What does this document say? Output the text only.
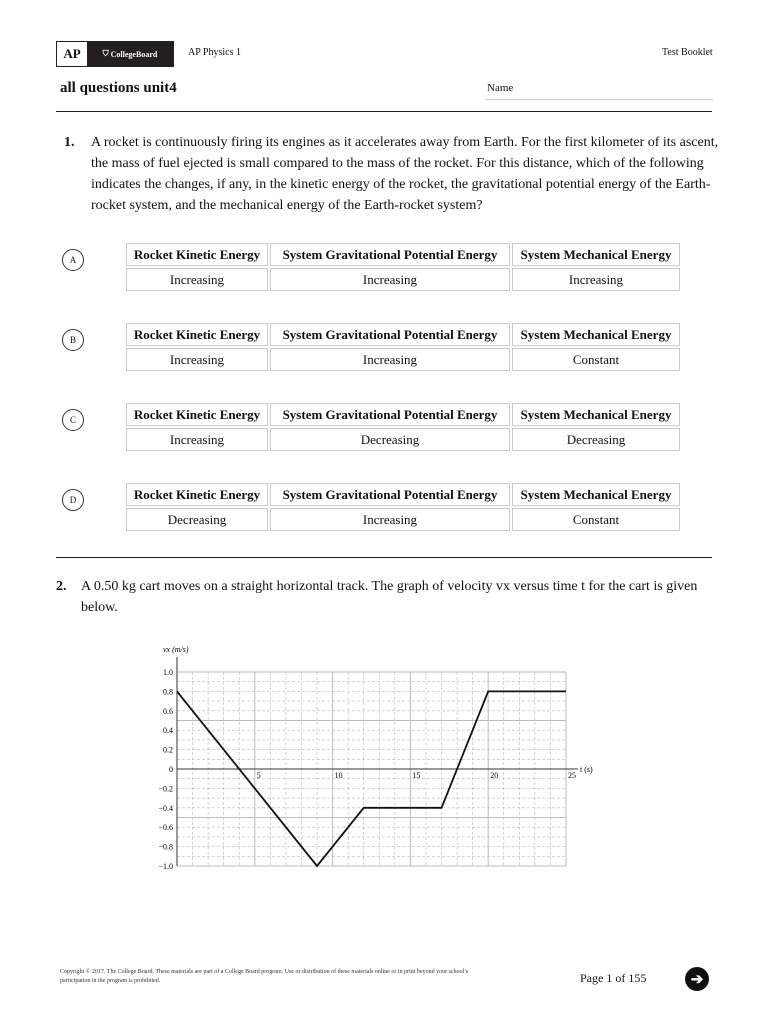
AP	⛉ CollegeBoard	AP Physics 1	Test Booklet
all questions unit4	Name
1. A rocket is continuously firing its engines as it accelerates away from Earth. For the first kilometer of its ascent, the mass of fuel ejected is small compared to the mass of the rocket. For this distance, which of the following indicates the changes, if any, in the kinetic energy of the rocket, the gravitational potential energy of the Earth-rocket system, and the mechanical energy of the Earth-rocket system?
A	Rocket Kinetic Energy	System Gravitational Potential Energy	System Mechanical Energy
Increasing	Increasing	Increasing
B	Rocket Kinetic Energy	System Gravitational Potential Energy	System Mechanical Energy
Increasing	Increasing	Constant
C	Rocket Kinetic Energy	System Gravitational Potential Energy	System Mechanical Energy
Increasing	Decreasing	Decreasing
D	Rocket Kinetic Energy	System Gravitational Potential Energy	System Mechanical Energy
Decreasing	Increasing	Constant
2. A 0.50 kg cart moves on a straight horizontal track. The graph of velocity vx versus time t for the cart is given below.
1.0
0.8
0.6
0.4
0.2
0
−0.2
−0.4
−0.6
−0.8
−1.0
5	10	15	20	25
vx (m/s)
t (s)
Copyright © 2017. The College Board. These materials are part of a College Board program. Use or distribution of these materials online or in print beyond your school’s participation in the program is prohibited.	Page 1 of 155	➔
